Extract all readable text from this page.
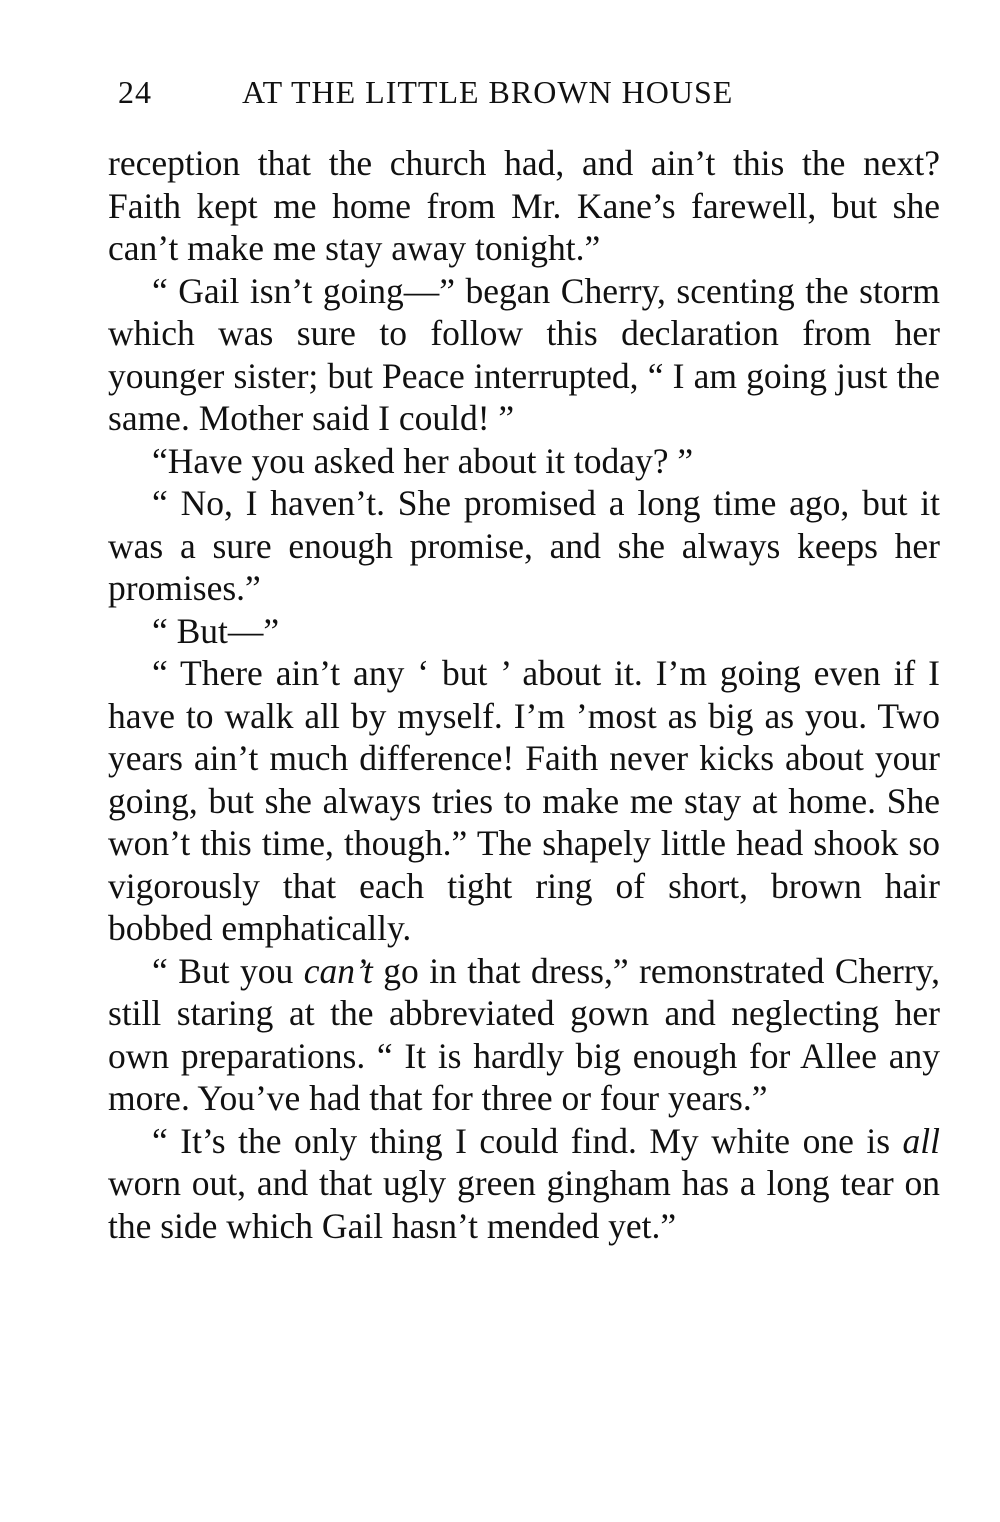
24	AT THE LITTLE BROWN HOUSE

reception that the church had, and ain’t this the next? Faith kept me home from Mr. Kane’s farewell, but she can’t make me stay away tonight.”

“ Gail isn’t going—” began Cherry, scenting the storm which was sure to follow this declaration from her younger sister; but Peace interrupted, “ I am going just the same. Mother said I could! ”

“Have you asked her about it today? ”

“ No, I haven’t. She promised a long time ago, but it was a sure enough promise, and she always keeps her promises.”

“ But—”

“ There ain’t any ‘ but ’ about it. I’m going even if I have to walk all by myself. I’m ’most as big as you. Two years ain’t much difference! Faith never kicks about your going, but she always tries to make me stay at home. She won’t this time, though.” The shapely little head shook so vigorously that each tight ring of short, brown hair bobbed emphatically.

“ But you can’t go in that dress,” remonstrated Cherry, still staring at the abbreviated gown and neglecting her own preparations. “ It is hardly big enough for Allee any more. You’ve had that for three or four years.”

“ It’s the only thing I could find. My white one is all worn out, and that ugly green gingham has a long tear on the side which Gail hasn’t mended yet.”
